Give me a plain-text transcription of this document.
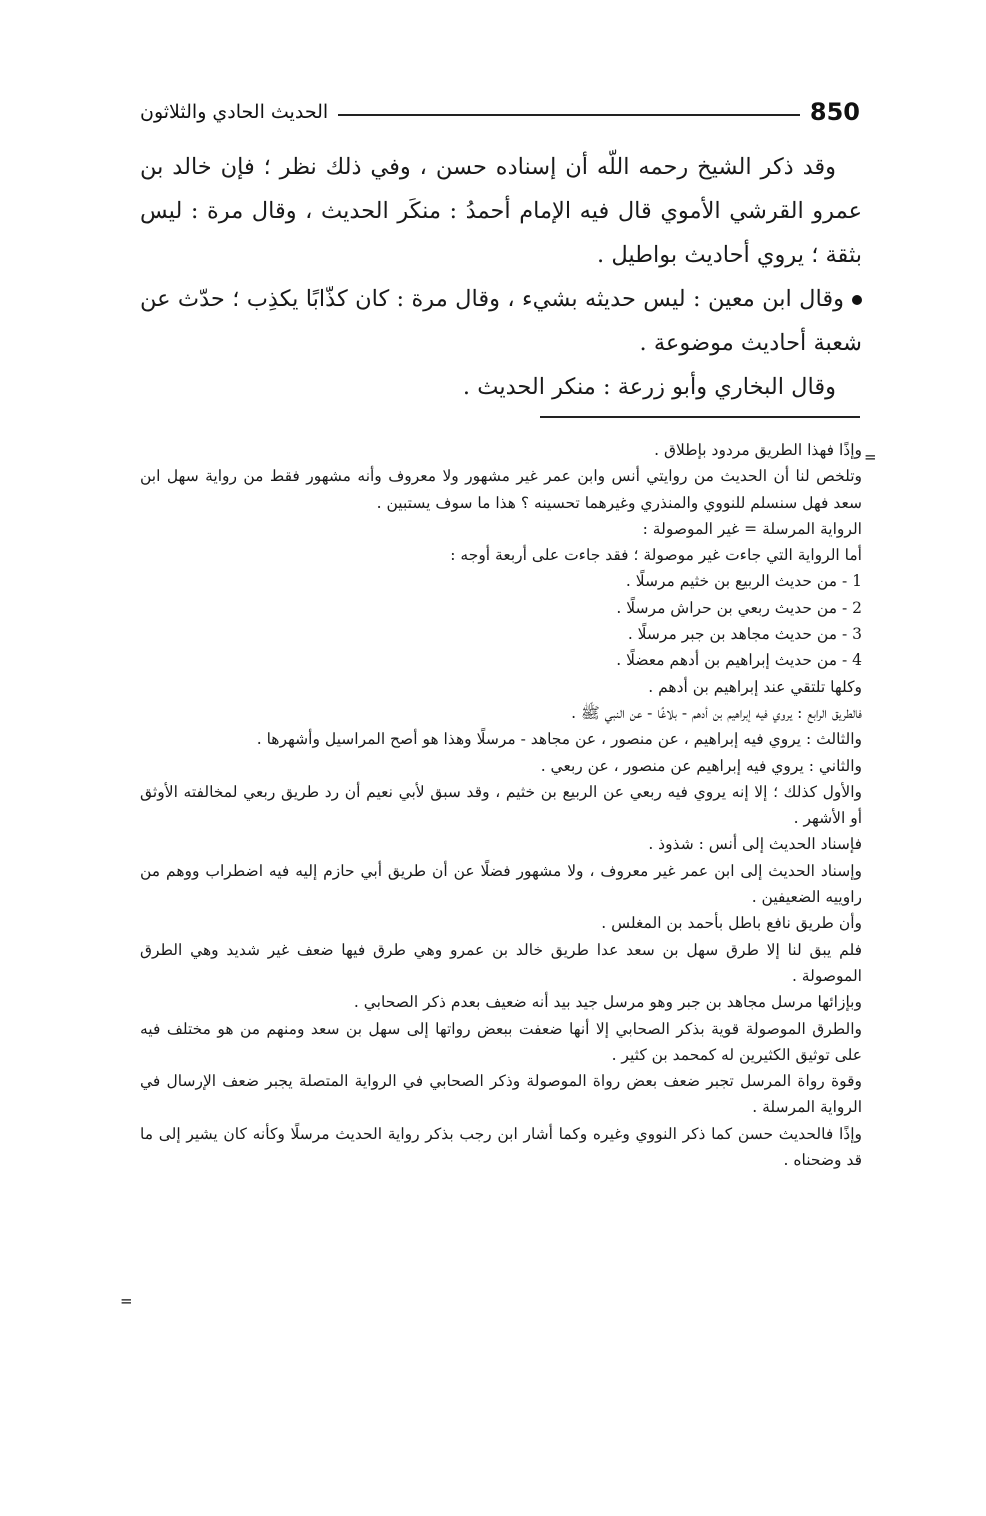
850
الحديث الحادي والثلاثون

وقد ذكر الشيخ رحمه اللّه أن إسناده حسن ، وفي ذلك نظر ؛ فإن خالد بن عمرو القرشي الأموي قال فيه الإمام أحمدُ : منكَر الحديث ، وقال مرة : ليس بثقة ؛ يروي أحاديث بواطيل .

وقال ابن معين : ليس حديثه بشيء ، وقال مرة : كان كذّابًا يكذِب ؛ حدّث عن شعبة أحاديث موضوعة .

وقال البخاري وأبو زرعة : منكر الحديث .

=

وإذًا فهذا الطريق مردود بإطلاق .

وتلخص لنا أن الحديث من روايتي أنس وابن عمر غير مشهور ولا معروف وأنه مشهور فقط من رواية سهل ابن سعد فهل سنسلم للنووي والمنذري وغيرهما تحسينه ؟ هذا ما سوف يستبين .

الرواية المرسلة = غير الموصولة :

أما الرواية التي جاءت غير موصولة ؛ فقد جاءت على أربعة أوجه :

1 - من حديث الربيع بن خثيم مرسلًا .

2 - من حديث ربعي بن حراش مرسلًا .

3 - من حديث مجاهد بن جبر مرسلًا .

4 - من حديث إبراهيم بن أدهم معضلًا .

وكلها تلتقي عند إبراهيم بن أدهم .

فالطريق الرابع : يروي فيه إبراهيم بن أدهم - بلاغًا - عن النبي ﷺ .

والثالث : يروي فيه إبراهيم ، عن منصور ، عن مجاهد - مرسلًا وهذا هو أصح المراسيل وأشهرها .

والثاني : يروي فيه إبراهيم عن منصور ، عن ربعي .

والأول كذلك ؛ إلا إنه يروي فيه ربعي عن الربيع بن خثيم ، وقد سبق لأبي نعيم أن رد طريق ربعي لمخالفته الأوثق أو الأشهر .

فإسناد الحديث إلى أنس : شذوذ .

وإسناد الحديث إلى ابن عمر غير معروف ، ولا مشهور فضلًا عن أن طريق أبي حازم إليه فيه اضطراب ووهم من راوييه الضعيفين .

وأن طريق نافع باطل بأحمد بن المغلس .

فلم يبق لنا إلا طرق سهل بن سعد عدا طريق خالد بن عمرو وهي طرق فيها ضعف غير شديد وهي الطرق الموصولة .

وبإزائها مرسل مجاهد بن جبر وهو مرسل جيد بيد أنه ضعيف بعدم ذكر الصحابي .

والطرق الموصولة قوية بذكر الصحابي إلا أنها ضعفت ببعض رواتها إلى سهل بن سعد ومنهم من هو مختلف فيه على توثيق الكثيرين له كمحمد بن كثير .

وقوة رواة المرسل تجبر ضعف بعض رواة الموصولة وذكر الصحابي في الرواية المتصلة يجبر ضعف الإرسال في الرواية المرسلة .

وإذًا فالحديث حسن كما ذكر النووي وغيره وكما أشار ابن رجب بذكر رواية الحديث مرسلًا وكأنه كان يشير إلى ما قد وضحناه .

=
